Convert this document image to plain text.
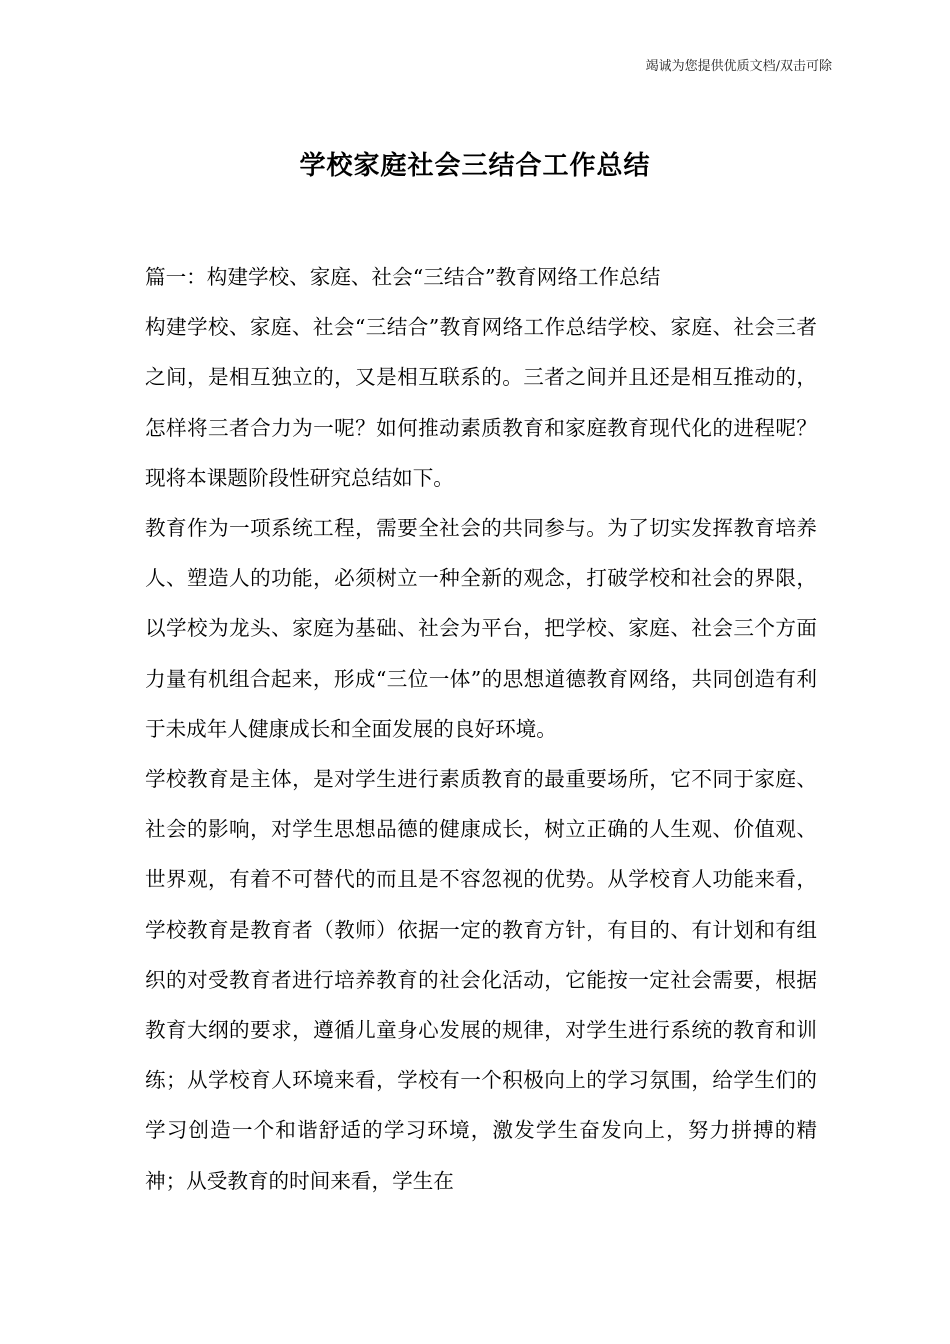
竭诚为您提供优质文档/双击可除
学校家庭社会三结合工作总结

篇一：构建学校、家庭、社会“三结合”教育网络工作总结

构建学校、家庭、社会“三结合”教育网络工作总结学校、家庭、社会三者之间，是相互独立的，又是相互联系的。三者之间并且还是相互推动的，怎样将三者合力为一呢？如何推动素质教育和家庭教育现代化的进程呢？现将本课题阶段性研究总结如下。

教育作为一项系统工程，需要全社会的共同参与。为了切实发挥教育培养人、塑造人的功能，必须树立一种全新的观念，打破学校和社会的界限，以学校为龙头、家庭为基础、社会为平台，把学校、家庭、社会三个方面力量有机组合起来，形成“三位一体”的思想道德教育网络，共同创造有利于未成年人健康成长和全面发展的良好环境。

学校教育是主体，是对学生进行素质教育的最重要场所，它不同于家庭、社会的影响，对学生思想品德的健康成长，树立正确的人生观、价值观、世界观，有着不可替代的而且是不容忽视的优势。从学校育人功能来看，学校教育是教育者（教师）依据一定的教育方针，有目的、有计划和有组织的对受教育者进行培养教育的社会化活动，它能按一定社会需要，根据教育大纲的要求，遵循儿童身心发展的规律，对学生进行系统的教育和训练；从学校育人环境来看，学校有一个积极向上的学习氛围，给学生们的学习创造一个和谐舒适的学习环境，激发学生奋发向上，努力拼搏的精神；从受教育的时间来看，学生在
